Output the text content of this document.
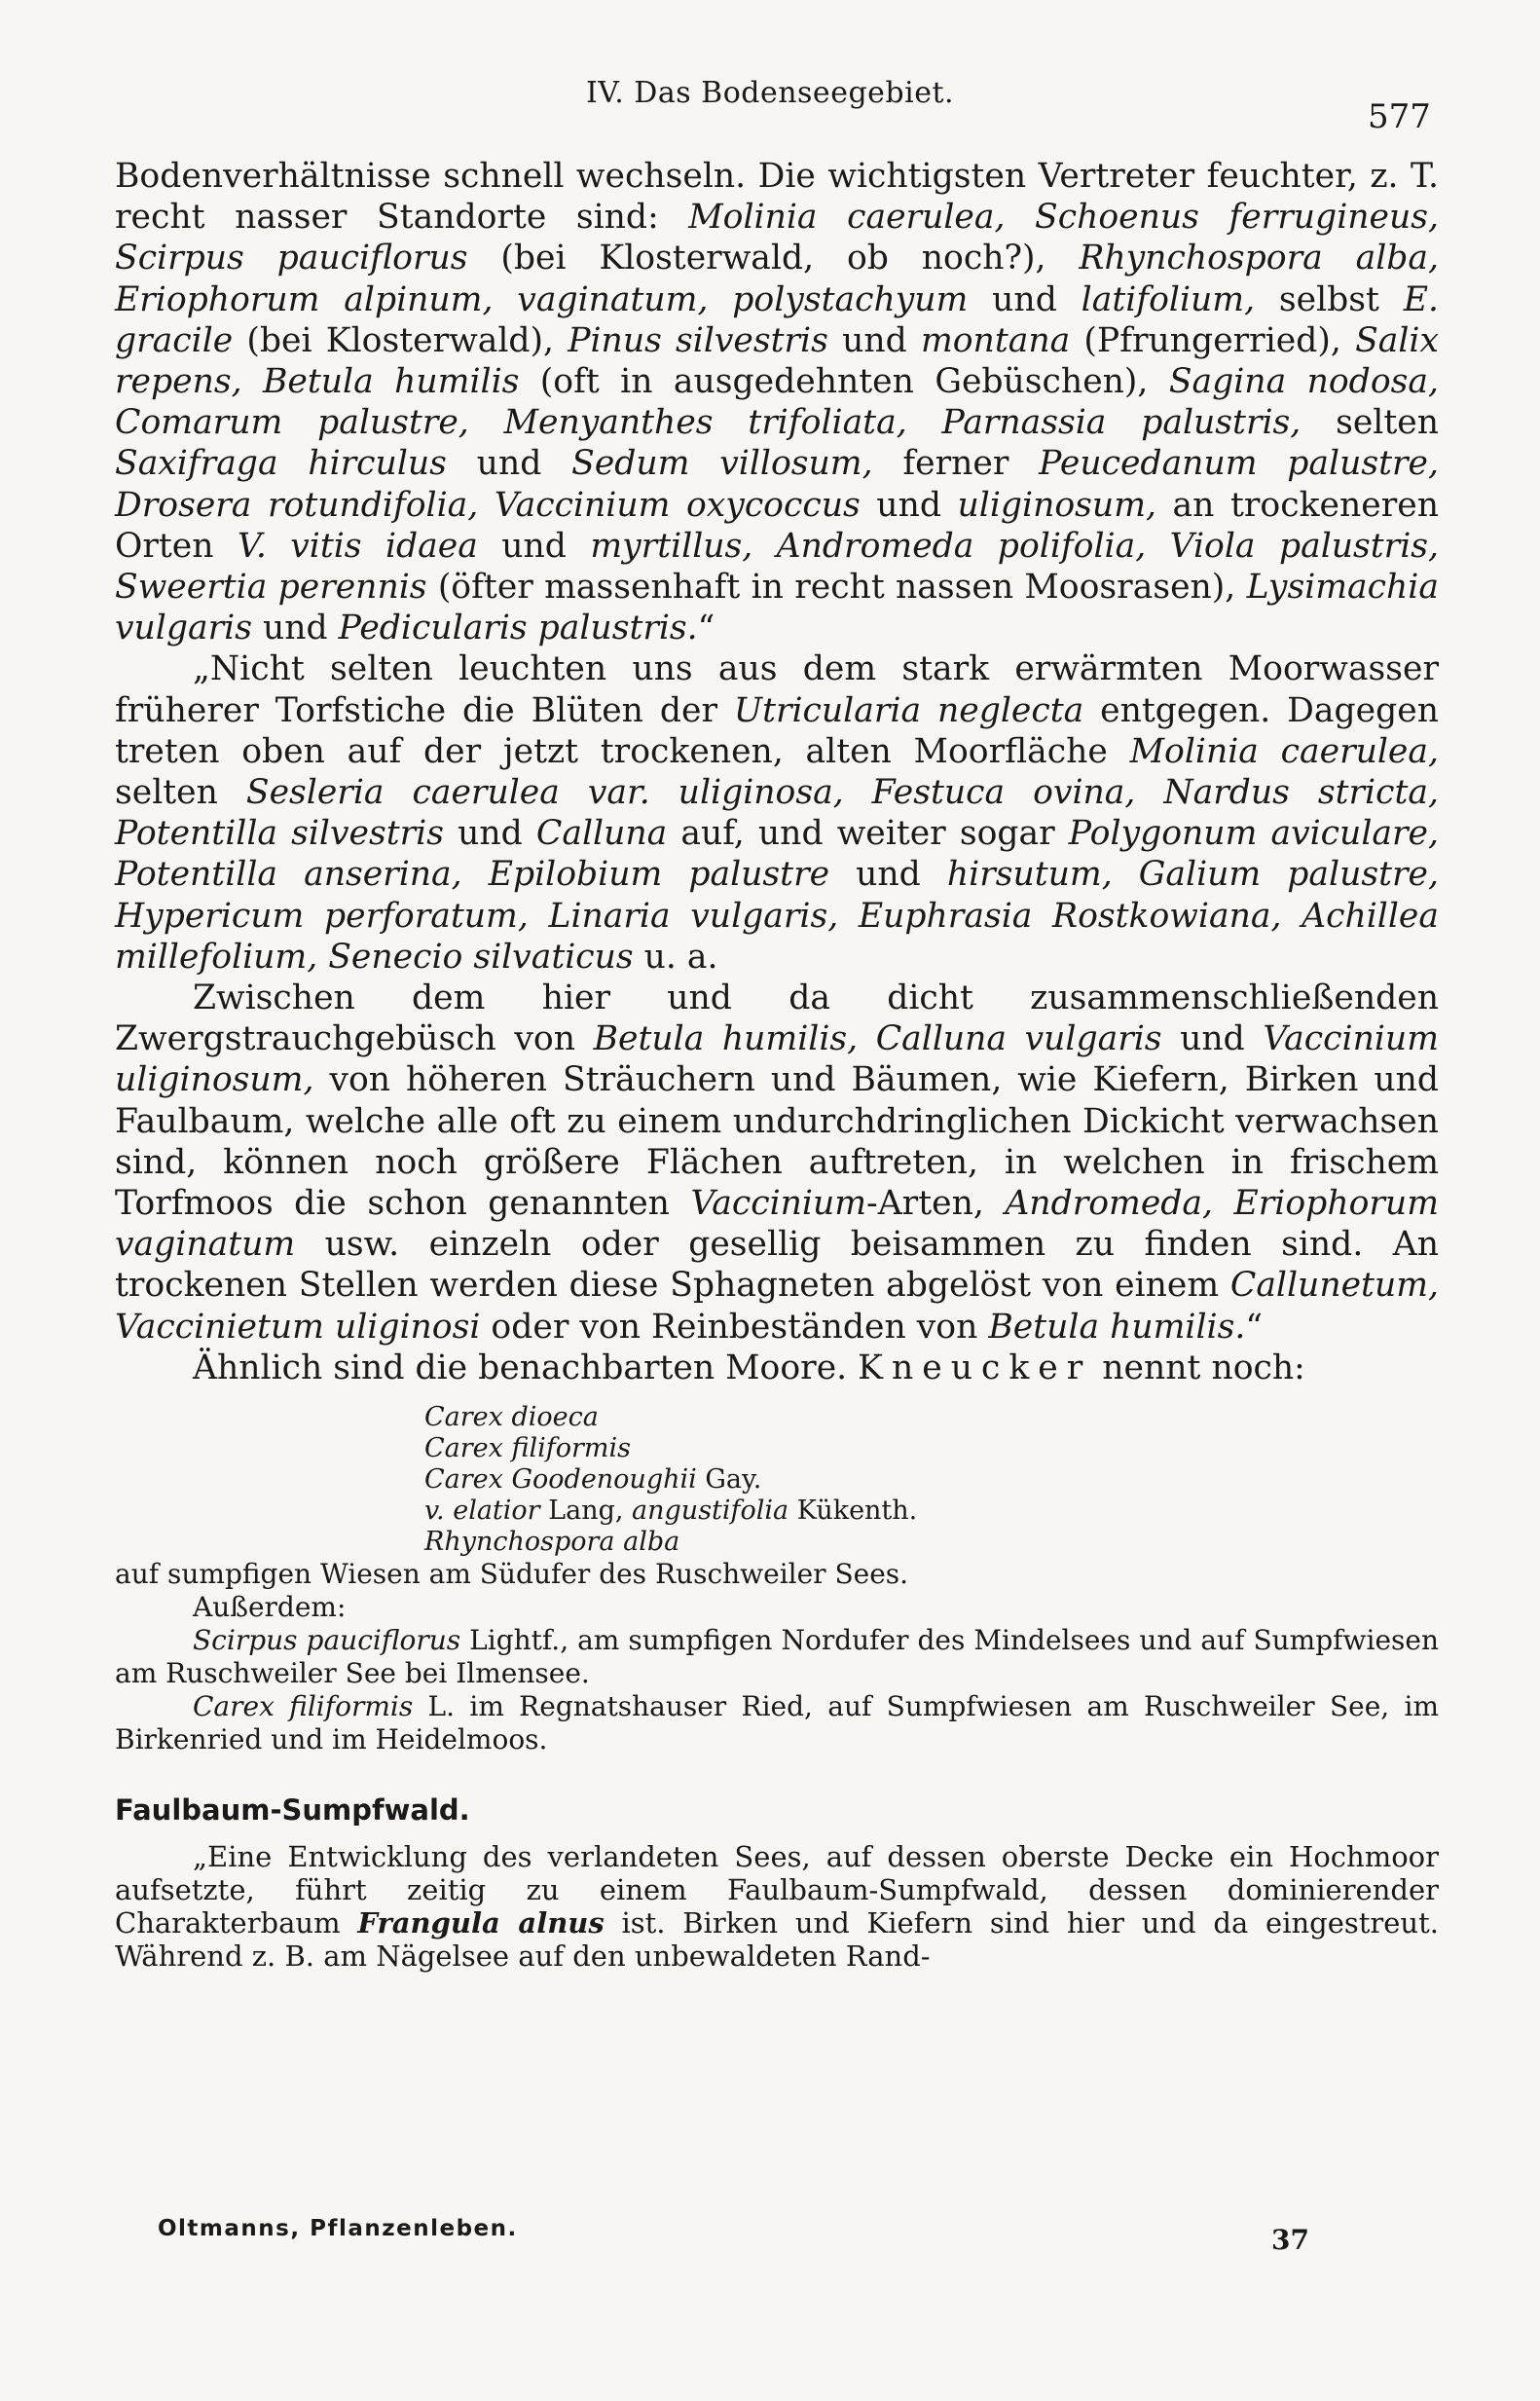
IV. Das Bodenseegebiet.
577

Bodenverhältnisse schnell wechseln. Die wichtigsten Vertreter feuchter, z. T. recht nasser Standorte sind: Molinia caerulea, Schoenus ferrugineus, Scirpus pauciflorus (bei Klosterwald, ob noch?), Rhynchospora alba, Eriophorum alpinum, vaginatum, polystachyum und latifolium, selbst E. gracile (bei Klosterwald), Pinus silvestris und montana (Pfrungerried), Salix repens, Betula humilis (oft in ausgedehnten Gebüschen), Sagina nodosa, Comarum palustre, Menyanthes trifoliata, Parnassia palustris, selten Saxifraga hirculus und Sedum villosum, ferner Peucedanum palustre, Drosera rotundifolia, Vaccinium oxycoccus und uliginosum, an trockeneren Orten V. vitis idaea und myrtillus, Andromeda polifolia, Viola palustris, Sweertia perennis (öfter massenhaft in recht nassen Moosrasen), Lysimachia vulgaris und Pedicularis palustris.“

„Nicht selten leuchten uns aus dem stark erwärmten Moorwasser früherer Torfstiche die Blüten der Utricularia neglecta entgegen. Dagegen treten oben auf der jetzt trockenen, alten Moorfläche Molinia caerulea, selten Sesleria caerulea var. uliginosa, Festuca ovina, Nardus stricta, Potentilla silvestris und Calluna auf, und weiter sogar Polygonum aviculare, Potentilla anserina, Epilobium palustre und hirsutum, Galium palustre, Hypericum perforatum, Linaria vulgaris, Euphrasia Rostkowiana, Achillea millefolium, Senecio silvaticus u. a.

Zwischen dem hier und da dicht zusammenschließenden Zwergstrauchgebüsch von Betula humilis, Calluna vulgaris und Vaccinium uliginosum, von höheren Sträuchern und Bäumen, wie Kiefern, Birken und Faulbaum, welche alle oft zu einem undurchdringlichen Dickicht verwachsen sind, können noch größere Flächen auftreten, in welchen in frischem Torfmoos die schon genannten Vaccinium-Arten, Andromeda, Eriophorum vaginatum usw. einzeln oder gesellig beisammen zu finden sind. An trockenen Stellen werden diese Sphagneten abgelöst von einem Callunetum, Vaccinietum uliginosi oder von Reinbeständen von Betula humilis.“

Ähnlich sind die benachbarten Moore. Kneucker nennt noch:

Carex dioeca
Carex filiformis
Carex Goodenoughii Gay.
v. elatior Lang, angustifolia Kükenth.
Rhynchospora alba

auf sumpfigen Wiesen am Südufer des Ruschweiler Sees.

Außerdem:

Scirpus pauciflorus Lightf., am sumpfigen Nordufer des Mindelsees und auf Sumpfwiesen am Ruschweiler See bei Ilmensee.

Carex filiformis L. im Regnatshauser Ried, auf Sumpfwiesen am Ruschweiler See, im Birkenried und im Heidelmoos.

Faulbaum-Sumpfwald.

„Eine Entwicklung des verlandeten Sees, auf dessen oberste Decke ein Hochmoor aufsetzte, führt zeitig zu einem Faulbaum-Sumpfwald, dessen dominierender Charakterbaum Frangula alnus ist. Birken und Kiefern sind hier und da eingestreut. Während z. B. am Nägelsee auf den unbewaldeten Rand-

Oltmanns, Pflanzenleben.	37
